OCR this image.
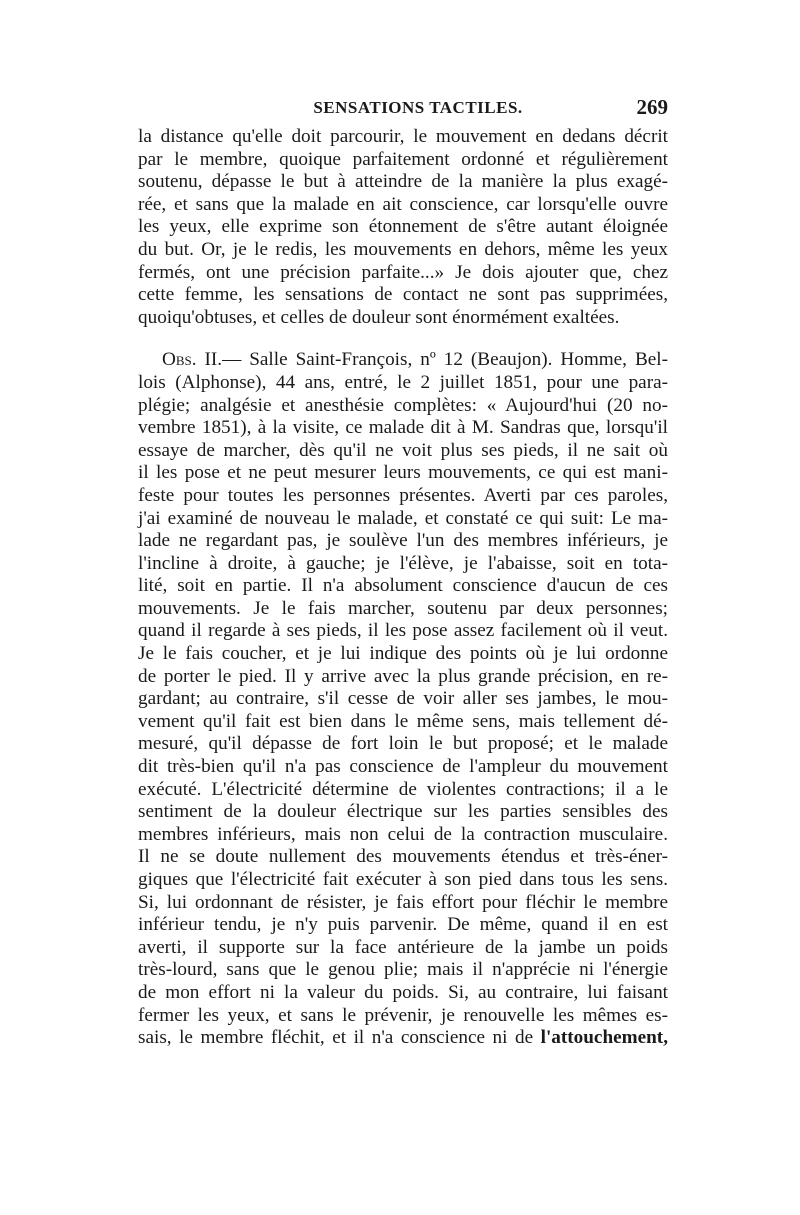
SENSATIONS TACTILES.	269
la distance qu'elle doit parcourir, le mouvement en dedans décrit
par le membre, quoique parfaitement ordonné et régulièrement
soutenu, dépasse le but à atteindre de la manière la plus exagé-
rée, et sans que la malade en ait conscience, car lorsqu'elle ouvre
les yeux, elle exprime son étonnement de s'être autant éloignée
du but. Or, je le redis, les mouvements en dehors, même les yeux
fermés, ont une précision parfaite...» Je dois ajouter que, chez
cette femme, les sensations de contact ne sont pas supprimées,
quoiqu'obtuses, et celles de douleur sont énormément exaltées.
Obs. II.— Salle Saint-François, nº 12 (Beaujon). Homme, Bel-
lois (Alphonse), 44 ans, entré, le 2 juillet 1851, pour une para-
plégie; analgésie et anesthésie complètes: « Aujourd'hui (20 no-
vembre 1851), à la visite, ce malade dit à M. Sandras que, lorsqu'il
essaye de marcher, dès qu'il ne voit plus ses pieds, il ne sait où
il les pose et ne peut mesurer leurs mouvements, ce qui est mani-
feste pour toutes les personnes présentes. Averti par ces paroles,
j'ai examiné de nouveau le malade, et constaté ce qui suit: Le ma-
lade ne regardant pas, je soulève l'un des membres inférieurs, je
l'incline à droite, à gauche; je l'élève, je l'abaisse, soit en tota-
lité, soit en partie. Il n'a absolument conscience d'aucun de ces
mouvements. Je le fais marcher, soutenu par deux personnes;
quand il regarde à ses pieds, il les pose assez facilement où il veut.
Je le fais coucher, et je lui indique des points où je lui ordonne
de porter le pied. Il y arrive avec la plus grande précision, en re-
gardant; au contraire, s'il cesse de voir aller ses jambes, le mou-
vement qu'il fait est bien dans le même sens, mais tellement dé-
mesuré, qu'il dépasse de fort loin le but proposé; et le malade
dit très-bien qu'il n'a pas conscience de l'ampleur du mouvement
exécuté. L'électricité détermine de violentes contractions; il a le
sentiment de la douleur électrique sur les parties sensibles des
membres inférieurs, mais non celui de la contraction musculaire.
Il ne se doute nullement des mouvements étendus et très-éner-
giques que l'électricité fait exécuter à son pied dans tous les sens.
Si, lui ordonnant de résister, je fais effort pour fléchir le membre
inférieur tendu, je n'y puis parvenir. De même, quand il en est
averti, il supporte sur la face antérieure de la jambe un poids
très-lourd, sans que le genou plie; mais il n'apprécie ni l'énergie
de mon effort ni la valeur du poids. Si, au contraire, lui faisant
fermer les yeux, et sans le prévenir, je renouvelle les mêmes es-
sais, le membre fléchit, et il n'a conscience ni de l'attouchement,
